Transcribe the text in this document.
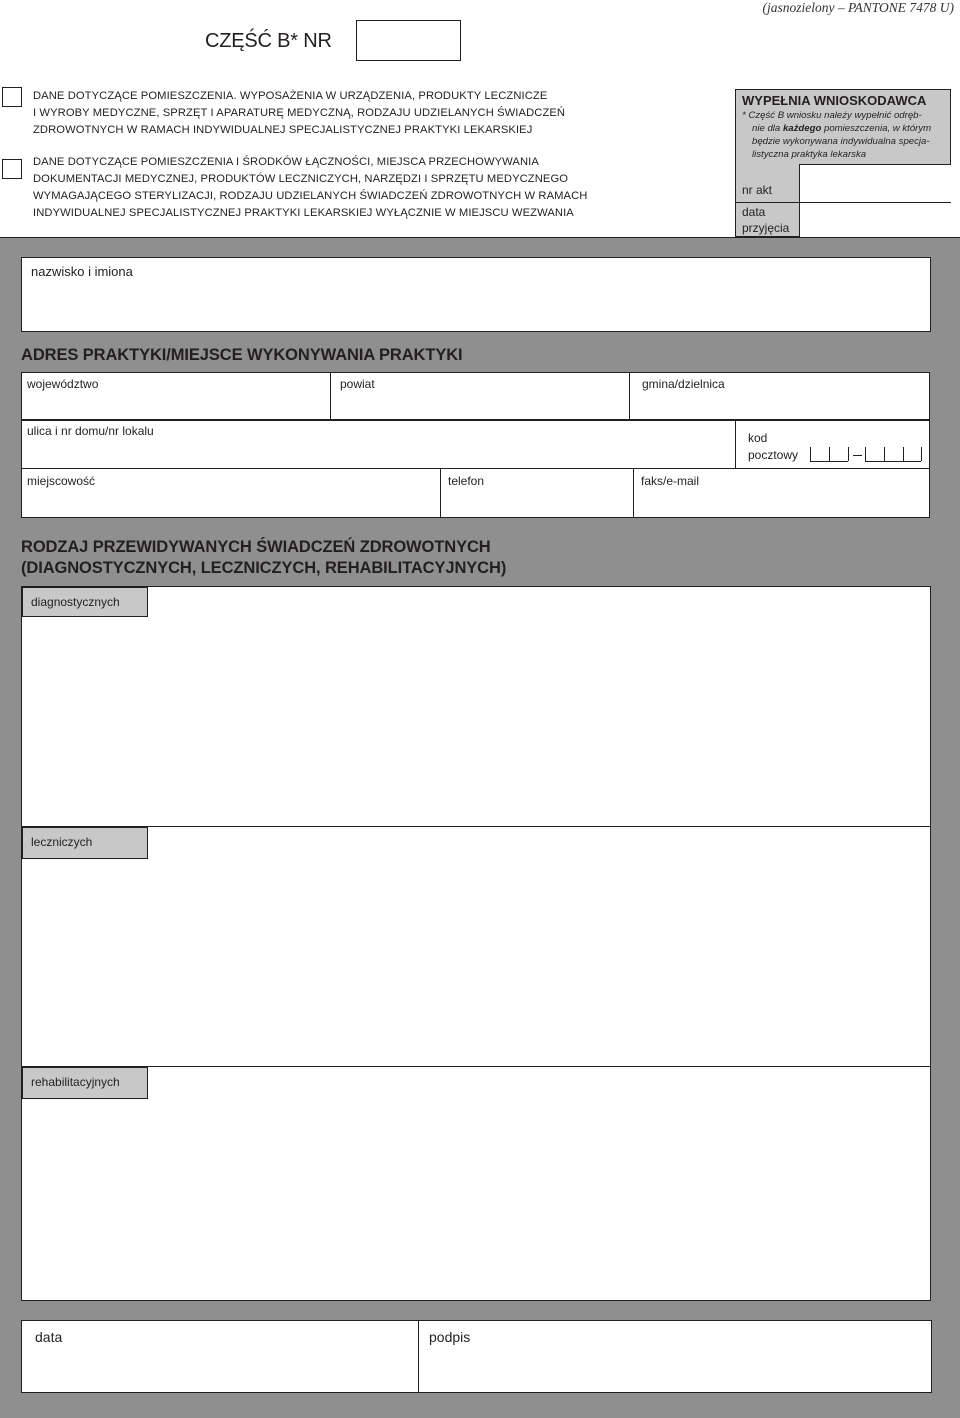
(jasnozielony – PANTONE 7478 U)
CZĘŚĆ B* NR
DANE DOTYCZĄCE POMIESZCZENIA. WYPOSAŻENIA W URZĄDZENIA, PRODUKTY LECZNICZE
I WYROBY MEDYCZNE, SPRZĘT I APARATURĘ MEDYCZNĄ, RODZAJU UDZIELANYCH ŚWIADCZEŃ
ZDROWOTNYCH W RAMACH INDYWIDUALNEJ SPECJALISTYCZNEJ PRAKTYKI LEKARSKIEJ
DANE DOTYCZĄCE POMIESZCZENIA I ŚRODKÓW ŁĄCZNOŚCI, MIEJSCA PRZECHOWYWANIA
DOKUMENTACJI MEDYCZNEJ, PRODUKTÓW LECZNICZYCH, NARZĘDZI I SPRZĘTU MEDYCZNEGO
WYMAGAJĄCEGO STERYLIZACJI, RODZAJU UDZIELANYCH ŚWIADCZEŃ ZDROWOTNYCH W RAMACH
INDYWIDUALNEJ SPECJALISTYCZNEJ PRAKTYKI LEKARSKIEJ WYŁĄCZNIE W MIEJSCU WEZWANIA
WYPEŁNIA WNIOSKODAWCA
* Część B wniosku należy wypełnić odręb-
nie dla każdego pomieszczenia, w którym
będzie wykonywana indywidualna specja-
listyczna praktyka lekarska
nr akt
data
przyjęcia
nazwisko i imiona
ADRES PRAKTYKI/MIEJSCE WYKONYWANIA PRAKTYKI
województwo	powiat	gmina/dzielnica
ulica i nr domu/nr lokalu	kod
pocztowy
miejscowość	telefon	faks/e-mail
RODZAJ PRZEWIDYWANYCH ŚWIADCZEŃ ZDROWOTNYCH
(DIAGNOSTYCZNYCH, LECZNICZYCH, REHABILITACYJNYCH)
diagnostycznych
leczniczych
rehabilitacyjnych
data	podpis
